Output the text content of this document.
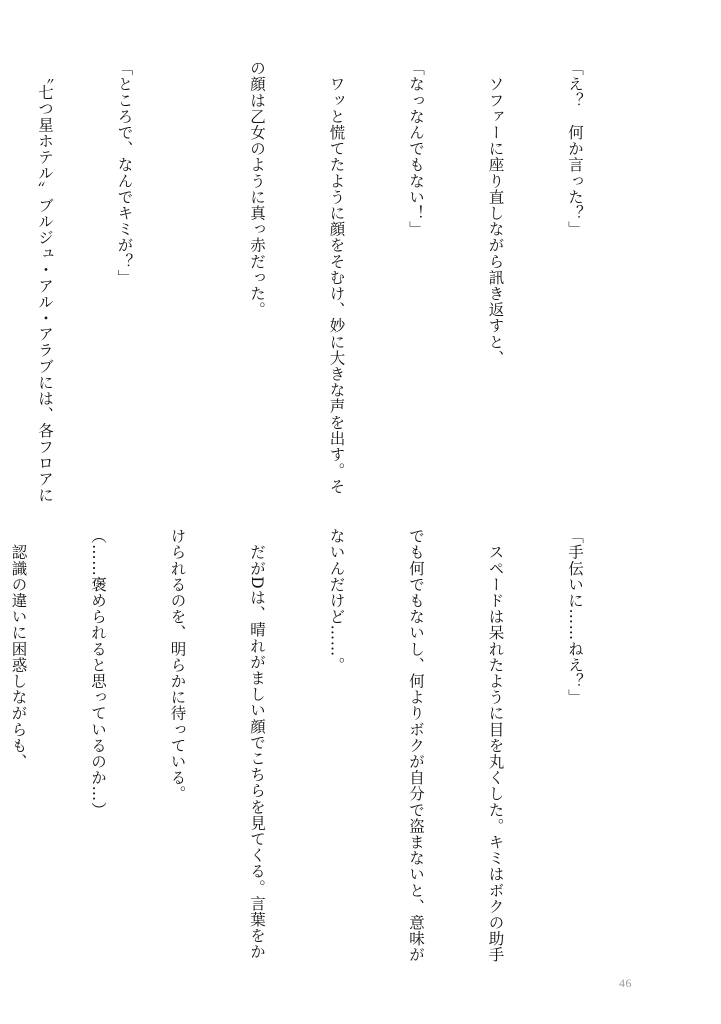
「え？　何か言った？」

　ソファーに座り直しながら訊き返すと、

「なっなんでもない！」

　ワッと慌てたように顔をそむけ、妙に大きな声を出す。そ

の顔は乙女のように真っ赤だった。

「ところで、なんでキミが？」

　〝七つ星ホテル〟ブルジュ・アル・アラブには、各フロアに

「手伝いに……ねえ？」

　スペードは呆れたように目を丸くした。キミはボクの助手

でも何でもないし、何よりボクが自分で盗まないと、意味が

ないんだけど……。

　だがDは、晴れがましい顔でこちらを見てくる。言葉をか

けられるのを、明らかに待っている。

（……褒められると思っているのか…）

　認識の違いに困惑しながらも、

46
